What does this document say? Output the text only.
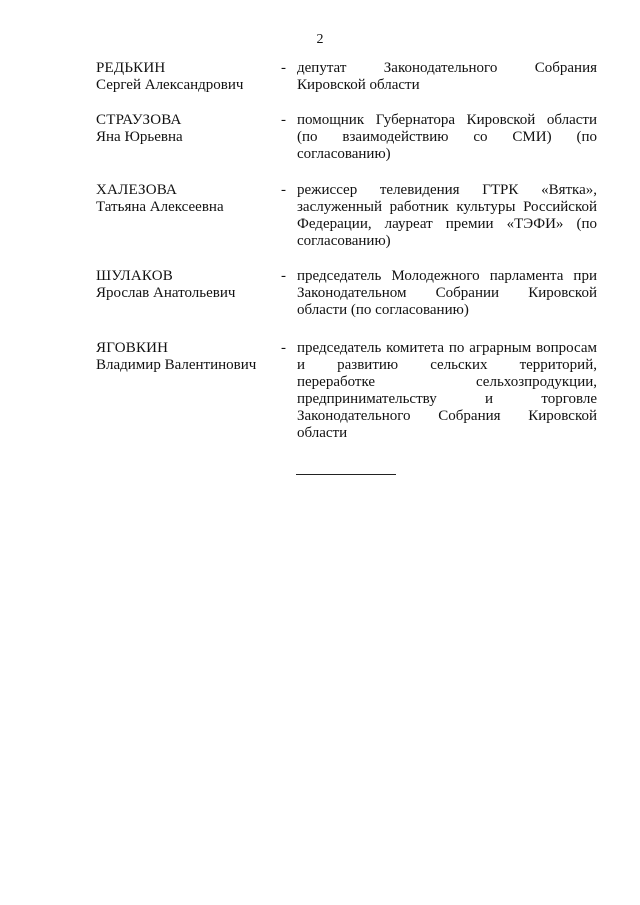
2
РЕДЬКИН
Сергей Александрович
- депутат Законодательного Собрания
Кировской области
СТРАУЗОВА
Яна Юрьевна
- помощник Губернатора Кировской области
(по взаимодействию со СМИ) (по
согласованию)
ХАЛЕЗОВА
Татьяна Алексеевна
- режиссер телевидения ГТРК «Вятка»,
заслуженный работник культуры Российской
Федерации, лауреат премии «ТЭФИ» (по
согласованию)
ШУЛАКОВ
Ярослав Анатольевич
- председатель Молодежного парламента при
Законодательном Собрании Кировской
области (по согласованию)
ЯГОВКИН
Владимир Валентинович
- председатель комитета по аграрным вопросам
и развитию сельских территорий,
переработке сельхозпродукции,
предпринимательству и торговле
Законодательного Собрания Кировской
области
